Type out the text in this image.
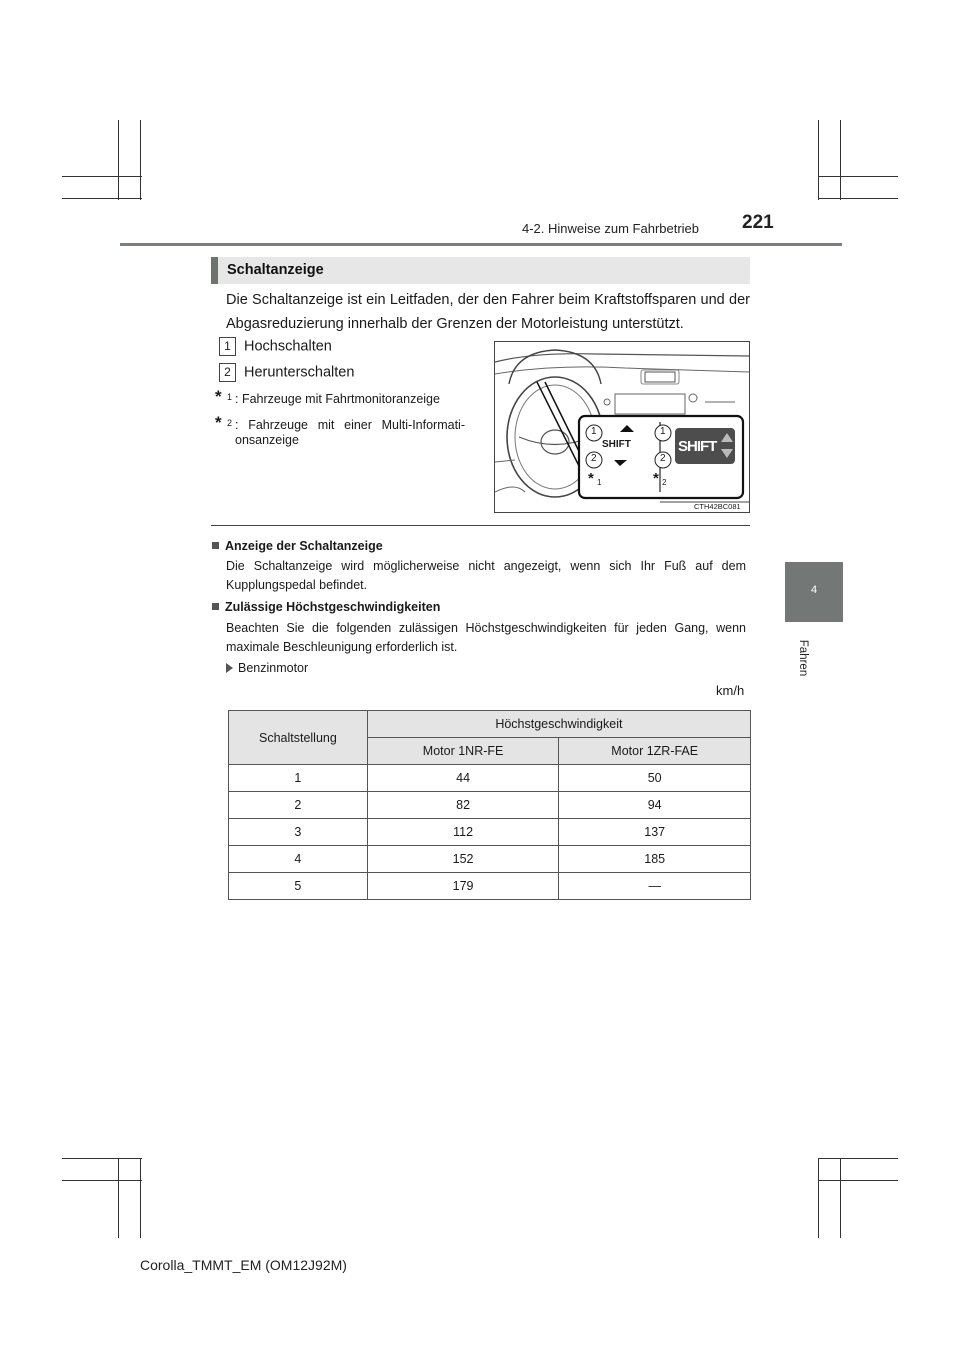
4-2. Hinweise zum Fahrbetrieb 221
4
Fahren
Schaltanzeige
Die Schaltanzeige ist ein Leitfaden, der den Fahrer beim Kraftstoffsparen und der Abgasreduzierung innerhalb der Grenzen der Motorleistung unterstützt.
1 Hochschalten
2 Herunterschalten
* 1 : Fahrzeuge mit Fahrtmonitoranzeige
* 2 : Fahrzeuge mit einer Multi-Informationsanzeige
1
2
SHIFT
1
2
SHIFT
* 1	* 2
CTH42BC081
Anzeige der Schaltanzeige
Die Schaltanzeige wird möglicherweise nicht angezeigt, wenn sich Ihr Fuß auf dem Kupplungspedal befindet.
Zulässige Höchstgeschwindigkeiten
Beachten Sie die folgenden zulässigen Höchstgeschwindigkeiten für jeden Gang, wenn maximale Beschleunigung erforderlich ist.
Benzinmotor
km/h
Schaltstellung	Höchstgeschwindigkeit	
	Motor 1NR-FE	Motor 1ZR-FAE
1	44	50
2	82	94
3	112	137
4	152	185
5	179	—
Corolla_TMMT_EM (OM12J92M)
